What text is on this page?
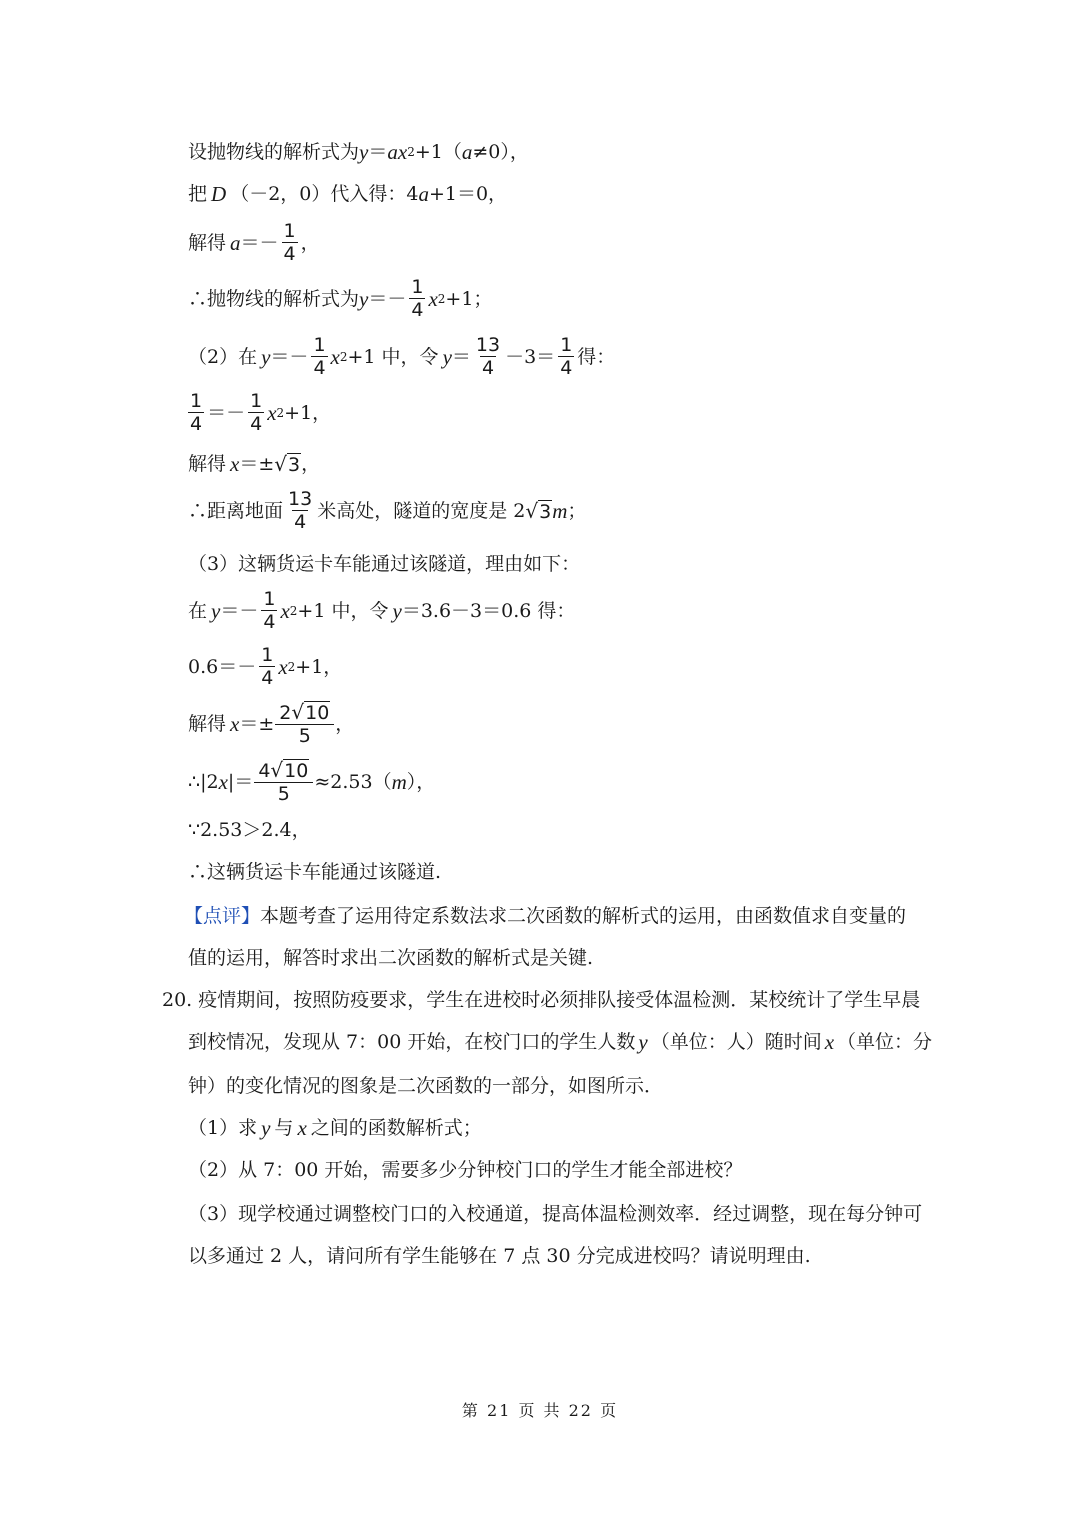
设抛物线的解析式为 y ＝ ax 2 +1（ a ≠0），
把 D （－2，0）代入得：4 a +1＝0，
解得 $a =- \frac{1}{4}$ ，
∴抛物线的解析式为 $y =- \frac{1}{4}$ x 2 +1；
（2）在 $y =- \frac{1}{4}$ x 2 +1 中，令 $y = \frac{13}{4} -3= \frac{1}{4}$ 得：
$\frac{1}{4} =- \frac{1}{4}$ x 2 +1，
解得 x ＝± √ 3 ，
∴距离地面 $\frac{13}{4}$ 米高处，隧道的宽度是 2 √ 3 m ；
（3）这辆货运卡车能通过该隧道，理由如下：
在 $y =- \frac{1}{4}$ x 2 +1 中，令 y ＝3.6－3＝0.6 得：
$0.6=- \frac{1}{4}$ x 2 +1，
解得 $x =\pm \frac{2 √ 10}{5}$ ，
∴|2 x |＝ $\frac{4 √ 10}{5} \approx 2.53$（ m ），
∵2.53＞2.4，
∴这辆货运卡车能通过该隧道.
【点评】 本题考查了运用待定系数法求二次函数的解析式的运用，由函数值求自变量的
值的运用，解答时求出二次函数的解析式是关键.
20. 疫情期间，按照防疫要求，学生在进校时必须排队接受体温检测．某校统计了学生早晨
到校情况，发现从 7：00 开始，在校门口的学生人数 y （单位：人）随时间 x （单位：分
钟）的变化情况的图象是二次函数的一部分，如图所示．
（1）求 y 与 x 之间的函数解析式；
（2）从 7：00 开始，需要多少分钟校门口的学生才能全部进校？
（3）现学校通过调整校门口的入校通道，提高体温检测效率．经过调整，现在每分钟可
以多通过 2 人，请问所有学生能够在 7 点 30 分完成进校吗？请说明理由.
第 21 页 共 22 页
